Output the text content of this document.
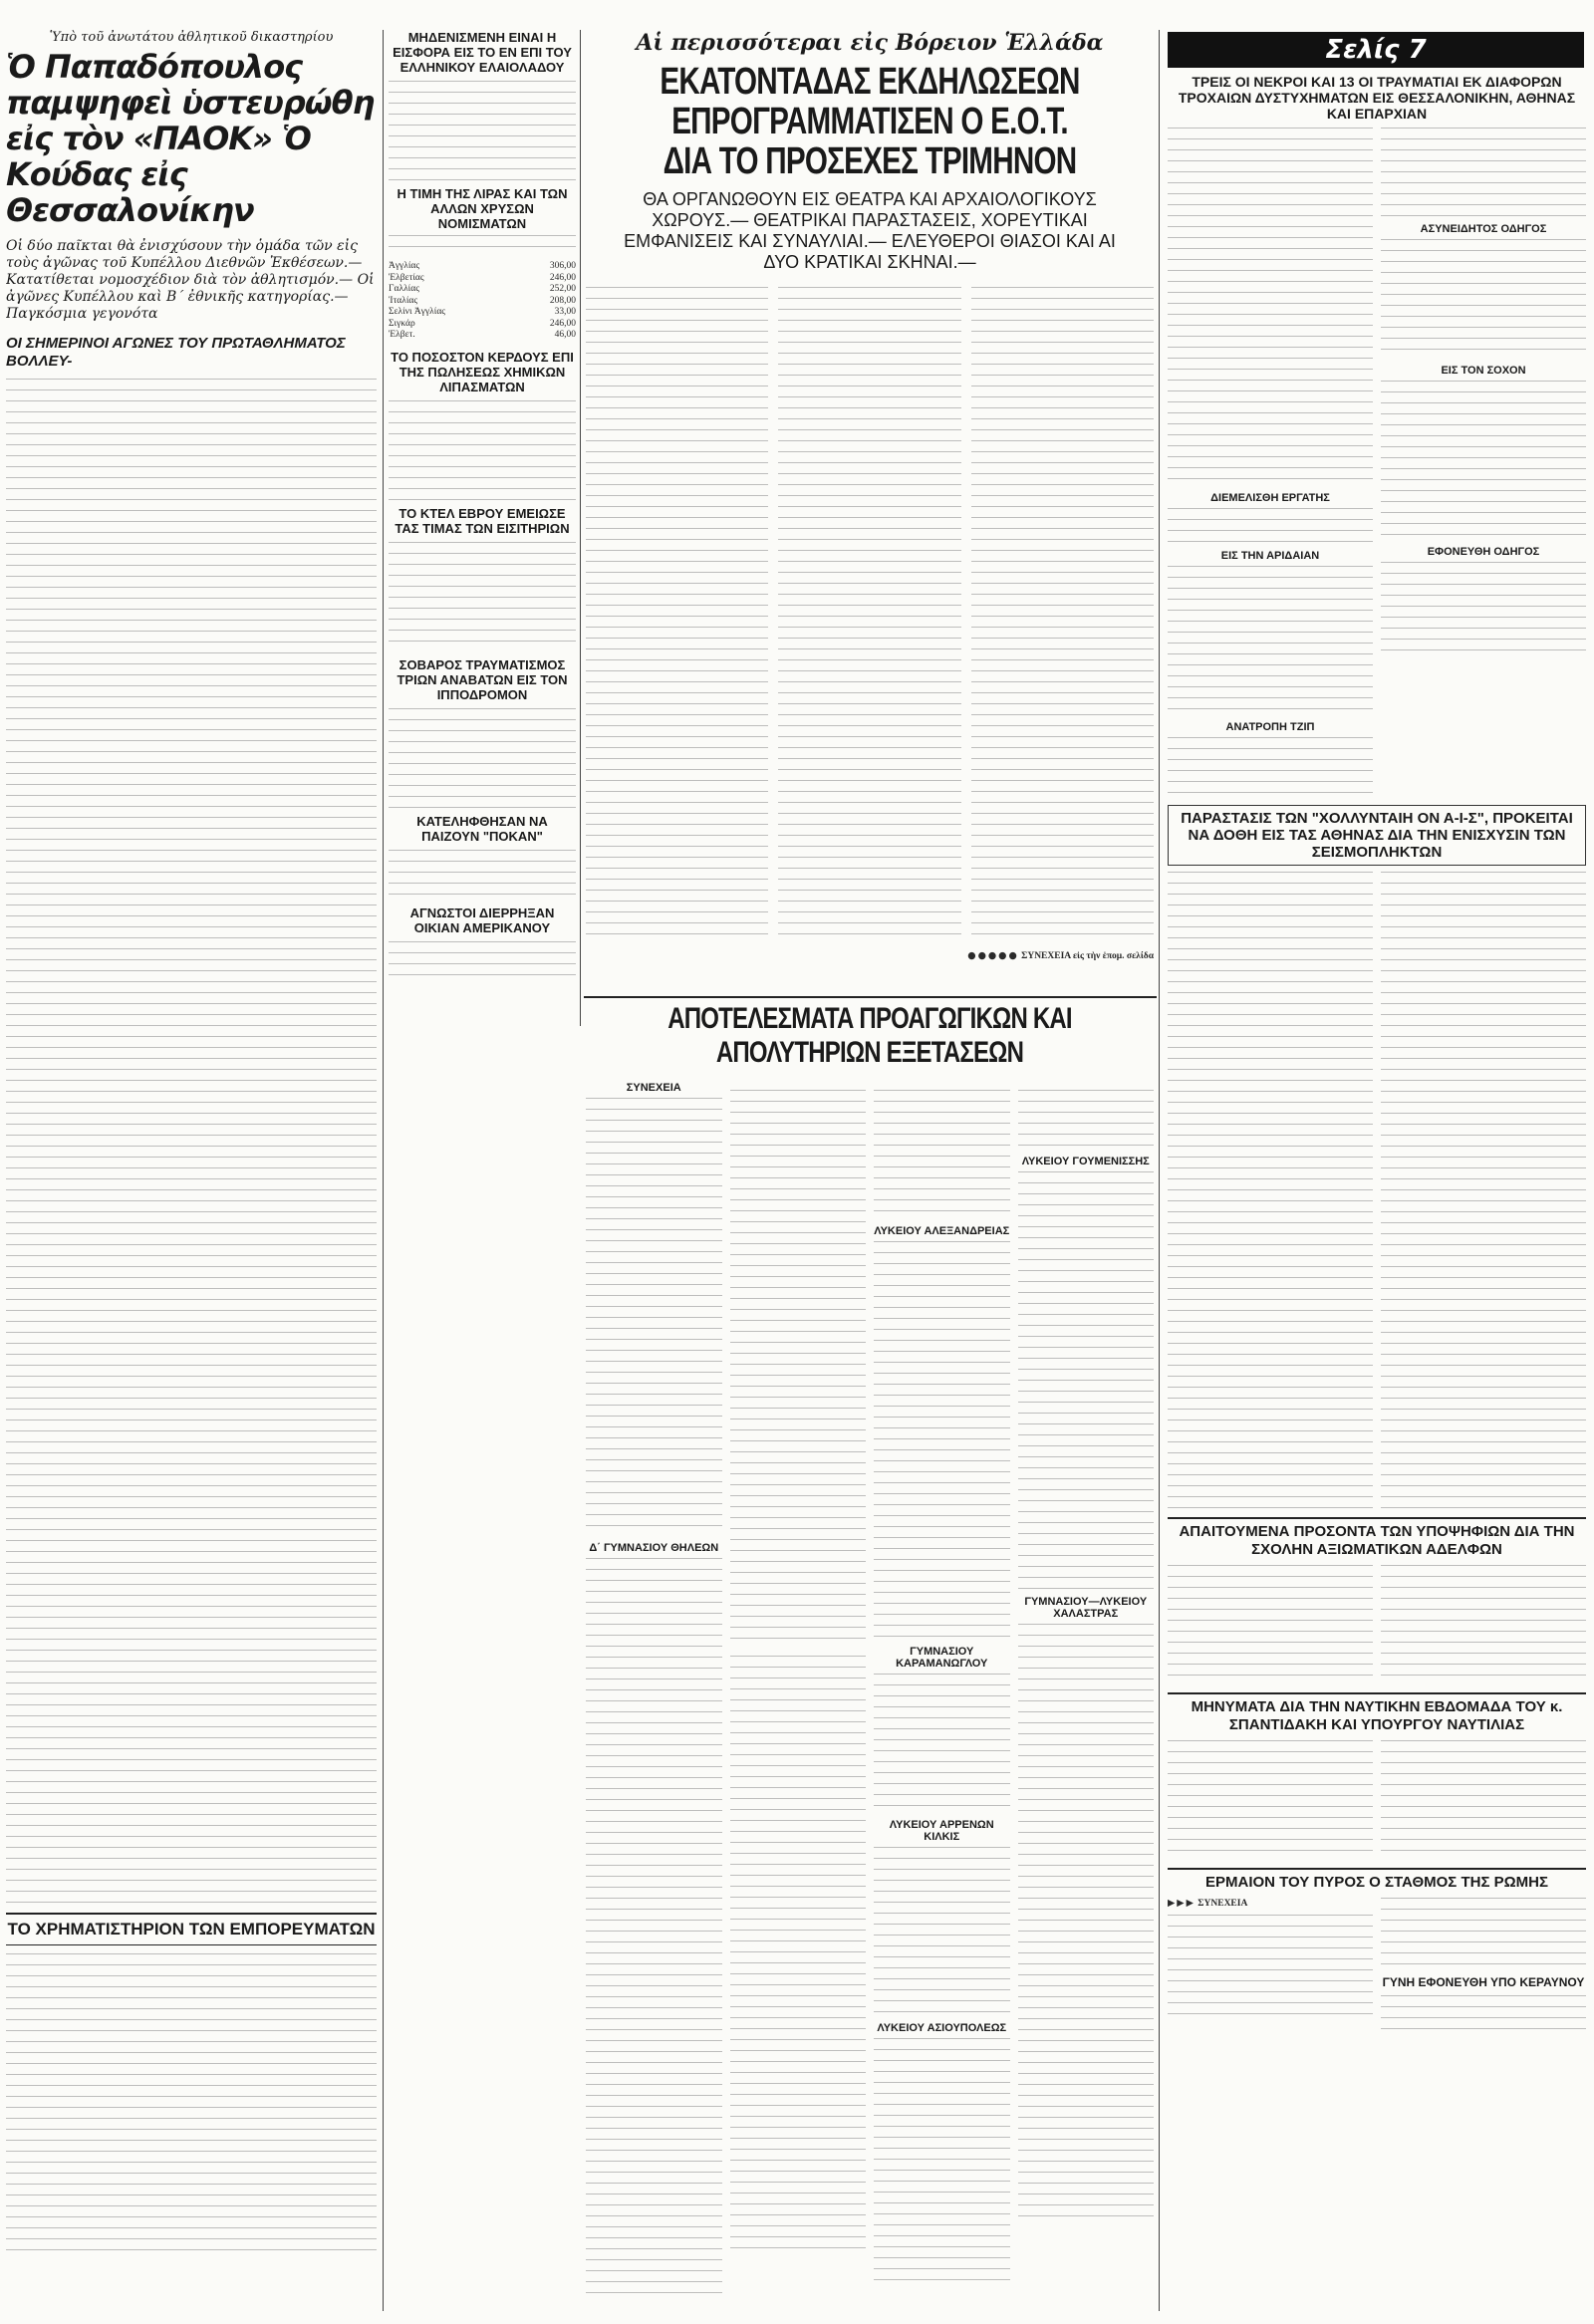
Ὑπὸ τοῦ ἀνωτάτου ἀθλητικοῦ δικαστηρίου
Ὁ Παπαδόπουλος παμψηφεὶ ὑστευρώθη εἰς τὸν «ΠΑΟΚ» Ὁ Κούδας εἰς Θεσσαλονίκην
Οἱ δύο παῖκται θὰ ἐνισχύσουν τὴν ὁμάδα τῶν εἰς τοὺς ἀγῶνας τοῦ Κυπέλλου Διεθνῶν Ἐκθέσεων.— Κατατίθεται νομοσχέδιον διὰ τὸν ἀθλητισμόν.— Οἱ ἀγῶνες Κυπέλλου καὶ Β΄ ἐθνικῆς κατηγορίας.— Παγκόσμια γεγονότα
ΟΙ ΣΗΜΕΡΙΝΟΙ ΑΓΩΝΕΣ ΤΟΥ ΠΡΩΤΑΘΛΗΜΑΤΟΣ ΒΟΛΛΕΥ-
ΤΟ ΧΡΗΜΑΤΙΣΤΗΡΙΟΝ ΤΩΝ ΕΜΠΟΡΕΥΜΑΤΩΝ
ΜΗΔΕΝΙΣΜΕΝΗ ΕΙΝΑΙ Η ΕΙΣΦΟΡΑ ΕΙΣ ΤΟ ΕΝ ΕΠΙ ΤΟΥ ΕΛΛΗΝΙΚΟΥ ΕΛΑΙΟΛΑΔΟΥ
Η ΤΙΜΗ ΤΗΣ ΛΙΡΑΣ ΚΑΙ ΤΩΝ ΑΛΛΩΝ ΧΡΥΣΩΝ ΝΟΜΙΣΜΑΤΩΝ
Ἀγγλίας	306,00
Ἑλβετίας	246,00
Γαλλίας	252,00
Ἰταλίας	208,00
Σελίνι Ἀγγλίας	33,00
Σιγκάρ	246,00
Ἑλβετ.	46,00
ΤΟ ΠΟΣΟΣΤΟΝ ΚΕΡΔΟΥΣ ΕΠΙ ΤΗΣ ΠΩΛΗΣΕΩΣ ΧΗΜΙΚΩΝ ΛΙΠΑΣΜΑΤΩΝ
ΤΟ ΚΤΕΛ ΕΒΡΟΥ ΕΜΕΙΩΣΕ ΤΑΣ ΤΙΜΑΣ ΤΩΝ ΕΙΣΙΤΗΡΙΩΝ
ΣΟΒΑΡΟΣ ΤΡΑΥΜΑΤΙΣΜΟΣ ΤΡΙΩΝ ΑΝΑΒΑΤΩΝ ΕΙΣ ΤΟΝ ΙΠΠΟΔΡΟΜΟΝ
ΚΑΤΕΛΗΦΘΗΣΑΝ ΝΑ ΠΑΙΖΟΥΝ "ΠΟΚΑΝ"
ΑΓΝΩΣΤΟΙ ΔΙΕΡΡΗΞΑΝ ΟΙΚΙΑΝ ΑΜΕΡΙΚΑΝΟΥ
Αἱ περισσότεραι εἰς Βόρειον Ἑλλάδα
ΕΚΑΤΟΝΤΑΔΑΣ ΕΚΔΗΛΩΣΕΩΝ
ΕΠΡΟΓΡΑΜΜΑΤΙΣΕΝ Ο Ε.Ο.Τ.
ΔΙΑ ΤΟ ΠΡΟΣΕΧΕΣ ΤΡΙΜΗΝΟΝ
ΘΑ ΟΡΓΑΝΩΘΟΥΝ ΕΙΣ ΘΕΑΤΡΑ ΚΑΙ ΑΡΧΑΙΟΛΟΓΙΚΟΥΣ ΧΩΡΟΥΣ.— ΘΕΑΤΡΙΚΑΙ ΠΑΡΑΣΤΑΣΕΙΣ, ΧΟΡΕΥΤΙΚΑΙ ΕΜΦΑΝΙΣΕΙΣ ΚΑΙ ΣΥΝΑΥΛΙΑΙ.— ΕΛΕΥΘΕΡΟΙ ΘΙΑΣΟΙ ΚΑΙ ΑΙ ΔΥΟ ΚΡΑΤΙΚΑΙ ΣΚΗΝΑΙ.—
●●●●● ΣΥΝΕΧΕΙΑ εἰς τὴν ἑπομ. σελίδα
ΑΠΟΤΕΛΕΣΜΑΤΑ ΠΡΟΑΓΩΓΙΚΩΝ ΚΑΙ ΑΠΟΛΥΤΗΡΙΩΝ ΕΞΕΤΑΣΕΩΝ
ΣΥΝΕΧΕΙΑ
Δ΄ ΓΥΜΝΑΣΙΟΥ ΘΗΛΕΩΝ
ΛΥΚΕΙΟΥ ΑΛΕΞΑΝΔΡΕΙΑΣ
ΓΥΜΝΑΣΙΟΥ ΚΑΡΑΜΑΝΩΓΛΟΥ
ΛΥΚΕΙΟΥ ΑΡΡΕΝΩΝ ΚΙΛΚΙΣ
ΛΥΚΕΙΟΥ ΑΣΙΟΥΠΟΛΕΩΣ
ΛΥΚΕΙΟΥ ΓΟΥΜΕΝΙΣΣΗΣ
ΓΥΜΝΑΣΙΟΥ—ΛΥΚΕΙΟΥ ΧΑΛΑΣΤΡΑΣ
Σελίς 7
ΤΡΕΙΣ ΟΙ ΝΕΚΡΟΙ ΚΑΙ 13 ΟΙ ΤΡΑΥΜΑΤΙΑΙ ΕΚ ΔΙΑΦΟΡΩΝ ΤΡΟΧΑΙΩΝ ΔΥΣΤΥΧΗΜΑΤΩΝ ΕΙΣ ΘΕΣΣΑΛΟΝΙΚΗΝ, ΑΘΗΝΑΣ ΚΑΙ ΕΠΑΡΧΙΑΝ
ΔΙΕΜΕΛΙΣΘΗ ΕΡΓΑΤΗΣ
ΕΙΣ ΤΗΝ ΑΡΙΔΑΙΑΝ
ΑΝΑΤΡΟΠΗ ΤΖΙΠ
ΑΣΥΝΕΙΔΗΤΟΣ ΟΔΗΓΟΣ
ΕΙΣ ΤΟΝ ΣΟΧΟΝ
ΕΦΟΝΕΥΘΗ ΟΔΗΓΟΣ
ΠΑΡΑΣΤΑΣΙΣ ΤΩΝ "ΧΟΛΛΥΝΤΑΙΗ ΟΝ Α-Ι-Σ", ΠΡΟΚΕΙΤΑΙ ΝΑ ΔΟΘΗ ΕΙΣ ΤΑΣ ΑΘΗΝΑΣ ΔΙΑ ΤΗΝ ΕΝΙΣΧΥΣΙΝ ΤΩΝ ΣΕΙΣΜΟΠΛΗΚΤΩΝ
ΑΠΑΙΤΟΥΜΕΝΑ ΠΡΟΣΟΝΤΑ ΤΩΝ ΥΠΟΨΗΦΙΩΝ ΔΙΑ ΤΗΝ ΣΧΟΛΗΝ ΑΞΙΩΜΑΤΙΚΩΝ ΑΔΕΛΦΩΝ
ΜΗΝΥΜΑΤΑ ΔΙΑ ΤΗΝ ΝΑΥΤΙΚΗΝ ΕΒΔΟΜΑΔΑ ΤΟΥ κ. ΣΠΑΝΤΙΔΑΚΗ ΚΑΙ ΥΠΟΥΡΓΟΥ ΝΑΥΤΙΛΙΑΣ
ΕΡΜΑΙΟΝ ΤΟΥ ΠΥΡΟΣ Ο ΣΤΑΘΜΟΣ ΤΗΣ ΡΩΜΗΣ
▶▶▶ ΣΥΝΕΧΕΙΑ
ΓΥΝΗ ΕΦΟΝΕΥΘΗ ΥΠΟ ΚΕΡΑΥΝΟΥ
